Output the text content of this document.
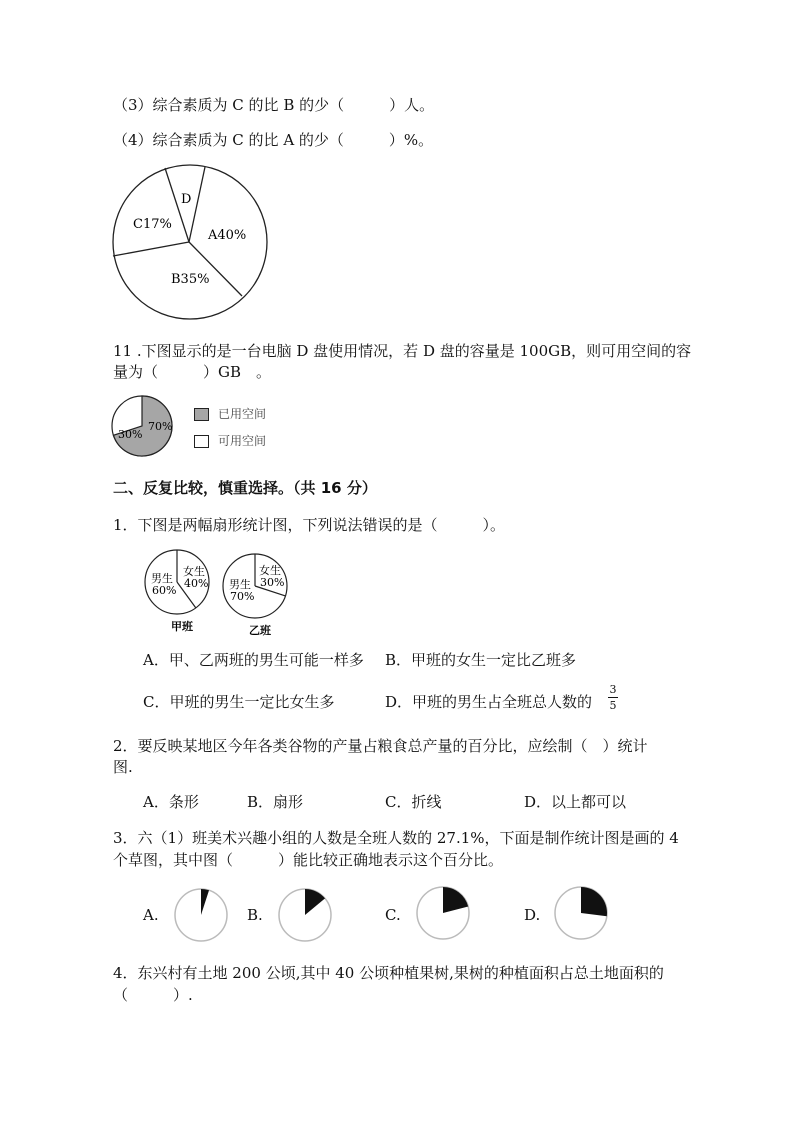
（3）综合素质为 C 的比 B 的少（　　　）人。
（4）综合素质为 C 的比 A 的少（　　　）%。
D
C17%
A40%
B35%
11 .下图显示的是一台电脑 D 盘使用情况，若 D 盘的容量是 100GB，则可用空间的容
量为（　　　）GB　。
70%
30%
已用空间
可用空间
二、反复比较，慎重选择。（共 16 分）
1．下图是两幅扇形统计图，下列说法错误的是（　　　）。
女生
40%
男生
60%
甲班
女生
30%
男生
70%
乙班
A．甲、乙两班的男生可能一样多 B．甲班的女生一定比乙班多
C．甲班的男生一定比女生多	D．甲班的男生占全班总人数的
3
5
2．要反映某地区今年各类谷物的产量占粮食总产量的百分比，应绘制（　）统计
图.
A．条形	B．扇形	C．折线	D．以上都可以
3．六（1）班美术兴趣小组的人数是全班人数的 27.1%，下面是制作统计图是画的 4
个草图，其中图（　　　）能比较正确地表示这个百分比。
A.	B.	C.	D.
4．东兴村有土地 200 公顷,其中 40 公顷种植果树,果树的种植面积占总土地面积的
（　　　）.
